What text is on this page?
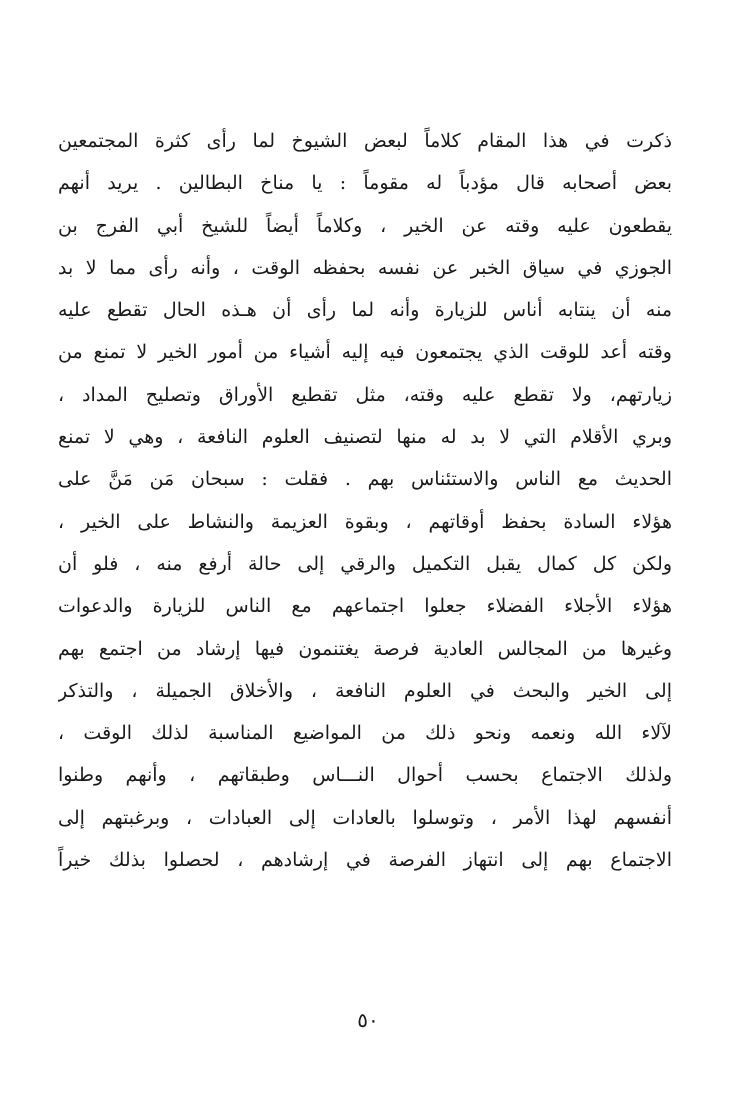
ذكرت في هذا المقام كلاماً لبعض الشيوخ لما رأى كثرة المجتمعين
بعض أصحابه قال مؤدباً له مقوماً : يا مناخ البطالين . يريد أنهم
يقطعون عليه وقته عن الخير ، وكلاماً أيضاً للشيخ أبي الفرج بن
الجوزي في سياق الخبر عن نفسه بحفظه الوقت ، وأنه رأى مما لا بد
منه أن ينتابه أناس للزيارة وأنه لما رأى أن هـذه الحال تقطع عليه
وقته أعد للوقت الذي يجتمعون فيه إليه أشياء من أمور الخير لا تمنع من
زيارتهم، ولا تقطع عليه وقته، مثل تقطيع الأوراق وتصليح المداد ،
وبري الأقلام التي لا بد له منها لتصنيف العلوم النافعة ، وهي لا تمنع
الحديث مع الناس والاستئناس بهم . فقلت : سبحان مَن مَنَّ على
هؤلاء السادة بحفظ أوقاتهم ، وبقوة العزيمة والنشاط على الخير ،
ولكن كل كمال يقبل التكميل والرقي إلى حالة أرفع منه ، فلو أن
هؤلاء الأجلاء الفضلاء جعلوا اجتماعهم مع الناس للزيارة والدعوات
وغيرها من المجالس العادية فرصة يغتنمون فيها إرشاد من اجتمع بهم
إلى الخير والبحث في العلوم النافعة ، والأخلاق الجميلة ، والتذكر
لآلاء الله ونعمه ونحو ذلك من المواضيع المناسبة لذلك الوقت ،
ولذلك الاجتماع بحسب أحوال النـــاس وطبقاتهم ، وأنهم وطنوا
أنفسهم لهذا الأمر ، وتوسلوا بالعادات إلى العبادات ، وبرغبتهم إلى
الاجتماع بهم إلى انتهاز الفرصة في إرشادهم ، لحصلوا بذلك خيراً
٥٠
